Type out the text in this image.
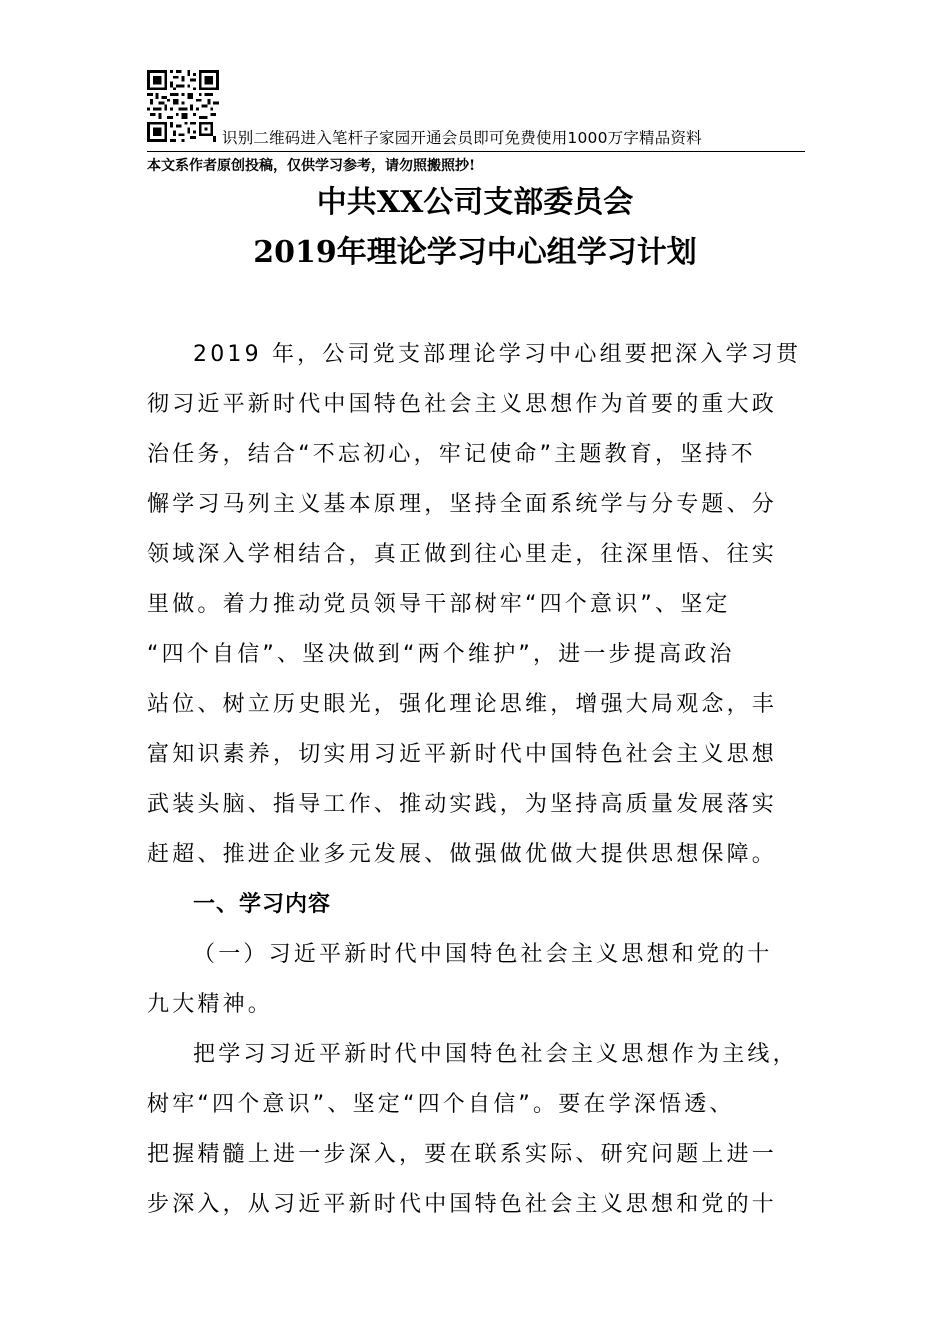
识别二维码进入笔杆子家园开通会员即可免费使用1000万字精品资料
本文系作者原创投稿，仅供学习参考，请勿照搬照抄!
中共XX公司支部委员会
2019年理论学习中心组学习计划
2019 年，公司党支部理论学习中心组要把深入学习贯
彻习近平新时代中国特色社会主义思想作为首要的重大政
治任务，结合“不忘初心，牢记使命”主题教育，坚持不
懈学习马列主义基本原理，坚持全面系统学与分专题、分
领域深入学相结合，真正做到往心里走，往深里悟、往实
里做。着力推动党员领导干部树牢“四个意识”、坚定
“四个自信”、坚决做到“两个维护”，进一步提高政治
站位、树立历史眼光，强化理论思维，增强大局观念，丰
富知识素养，切实用习近平新时代中国特色社会主义思想
武装头脑、指导工作、推动实践，为坚持高质量发展落实
赶超、推进企业多元发展、做强做优做大提供思想保障。
一、学习内容
（一）习近平新时代中国特色社会主义思想和党的十
九大精神。
把学习习近平新时代中国特色社会主义思想作为主线，
树牢“四个意识”、坚定“四个自信”。要在学深悟透、
把握精髓上进一步深入，要在联系实际、研究问题上进一
步深入，从习近平新时代中国特色社会主义思想和党的十
